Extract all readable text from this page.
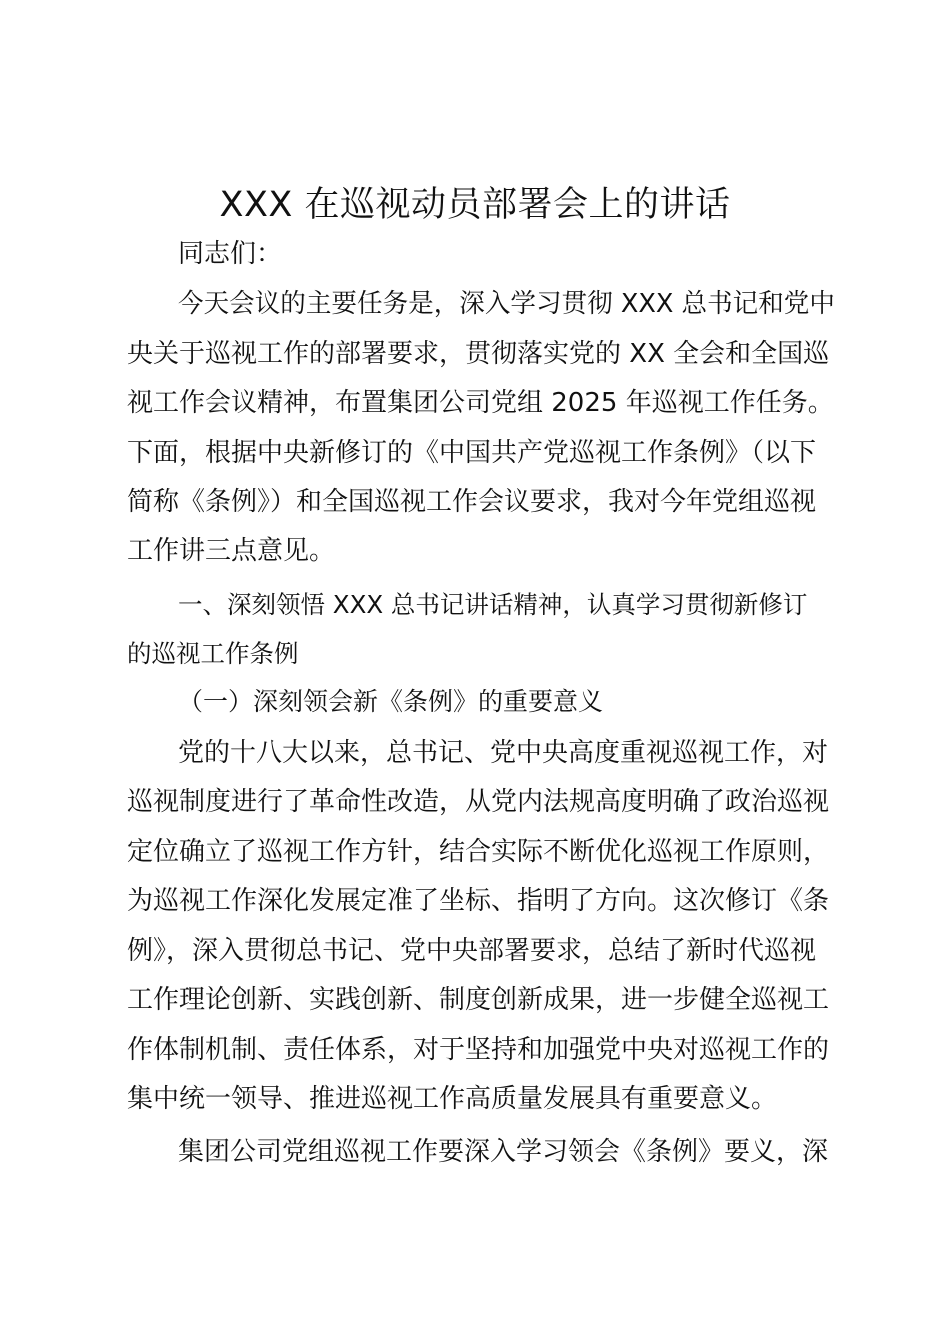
XXX 在巡视动员部署会上的讲话
同志们：
今天会议的主要任务是，深入学习贯彻 XXX 总书记和党中
央关于巡视工作的部署要求，贯彻落实党的 XX 全会和全国巡
视工作会议精神，布置集团公司党组 2025 年巡视工作任务。
下面，根据中央新修订的《中国共产党巡视工作条例》（以下
简称《条例》）和全国巡视工作会议要求，我对今年党组巡视
工作讲三点意见。
一、深刻领悟 XXX 总书记讲话精神，认真学习贯彻新修订
的巡视工作条例
（一）深刻领会新《条例》的重要意义
党的十八大以来，总书记、党中央高度重视巡视工作，对
巡视制度进行了革命性改造，从党内法规高度明确了政治巡视
定位确立了巡视工作方针，结合实际不断优化巡视工作原则，
为巡视工作深化发展定准了坐标、指明了方向。这次修订《条
例》，深入贯彻总书记、党中央部署要求，总结了新时代巡视
工作理论创新、实践创新、制度创新成果，进一步健全巡视工
作体制机制、责任体系，对于坚持和加强党中央对巡视工作的
集中统一领导、推进巡视工作高质量发展具有重要意义。
集团公司党组巡视工作要深入学习领会《条例》要义，深
